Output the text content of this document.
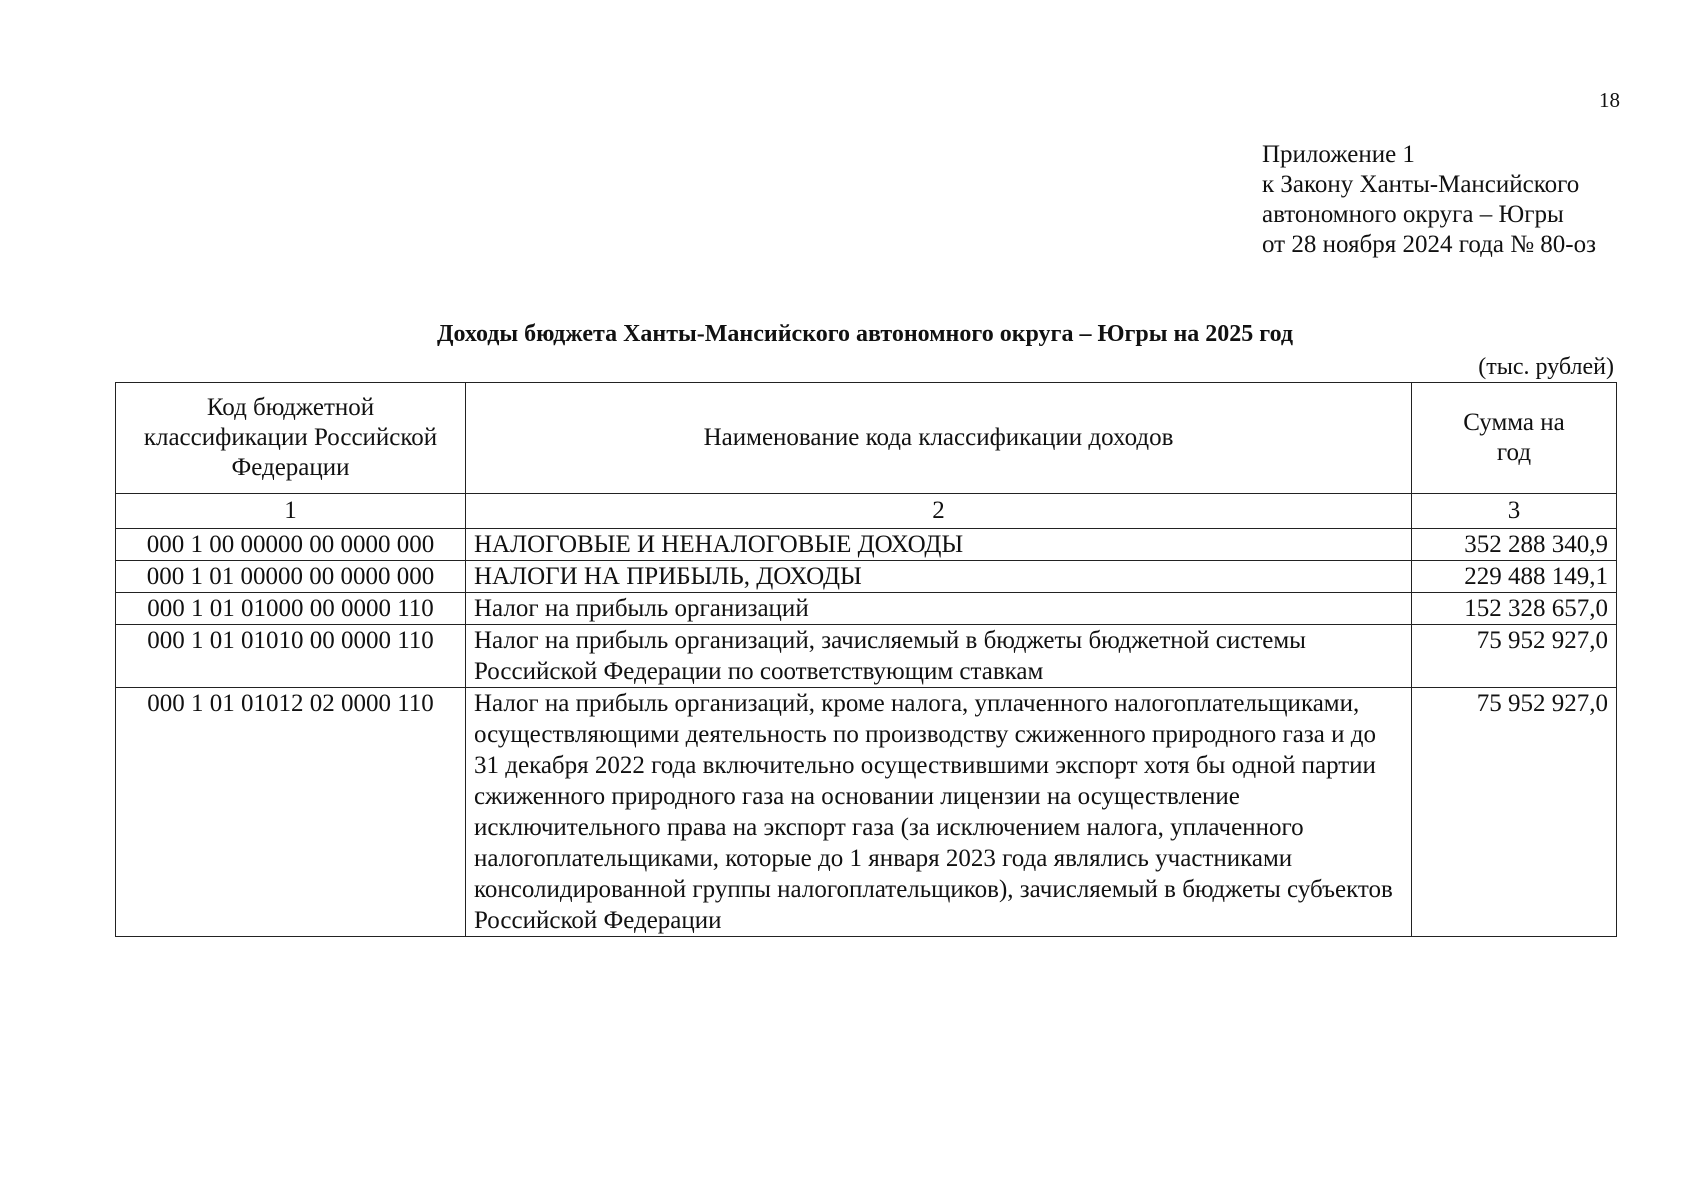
18
Приложение 1
к Закону Ханты-Мансийского
автономного округа – Югры
от 28 ноября 2024 года № 80-оз
Доходы бюджета Ханты-Мансийского автономного округа – Югры на 2025 год
(тыс. рублей)
Код бюджетной классификации Российской Федерации	Наименование кода классификации доходов	Сумма на год
1	2	3
000 1 00 00000 00 0000 000	НАЛОГОВЫЕ И НЕНАЛОГОВЫЕ ДОХОДЫ	352 288 340,9
000 1 01 00000 00 0000 000	НАЛОГИ НА ПРИБЫЛЬ, ДОХОДЫ	229 488 149,1
000 1 01 01000 00 0000 110	Налог на прибыль организаций	152 328 657,0
000 1 01 01010 00 0000 110	Налог на прибыль организаций, зачисляемый в бюджеты бюджетной системы Российской Федерации по соответствующим ставкам	75 952 927,0
000 1 01 01012 02 0000 110	Налог на прибыль организаций, кроме налога, уплаченного налогоплательщиками, осуществляющими деятельность по производству сжиженного природного газа и до 31 декабря 2022 года включительно осуществившими экспорт хотя бы одной партии сжиженного природного газа на основании лицензии на осуществление исключительного права на экспорт газа (за исключением налога, уплаченного налогоплательщиками, которые до 1 января 2023 года являлись участниками консолидированной группы налогоплательщиков), зачисляемый в бюджеты субъектов Российской Федерации	75 952 927,0
